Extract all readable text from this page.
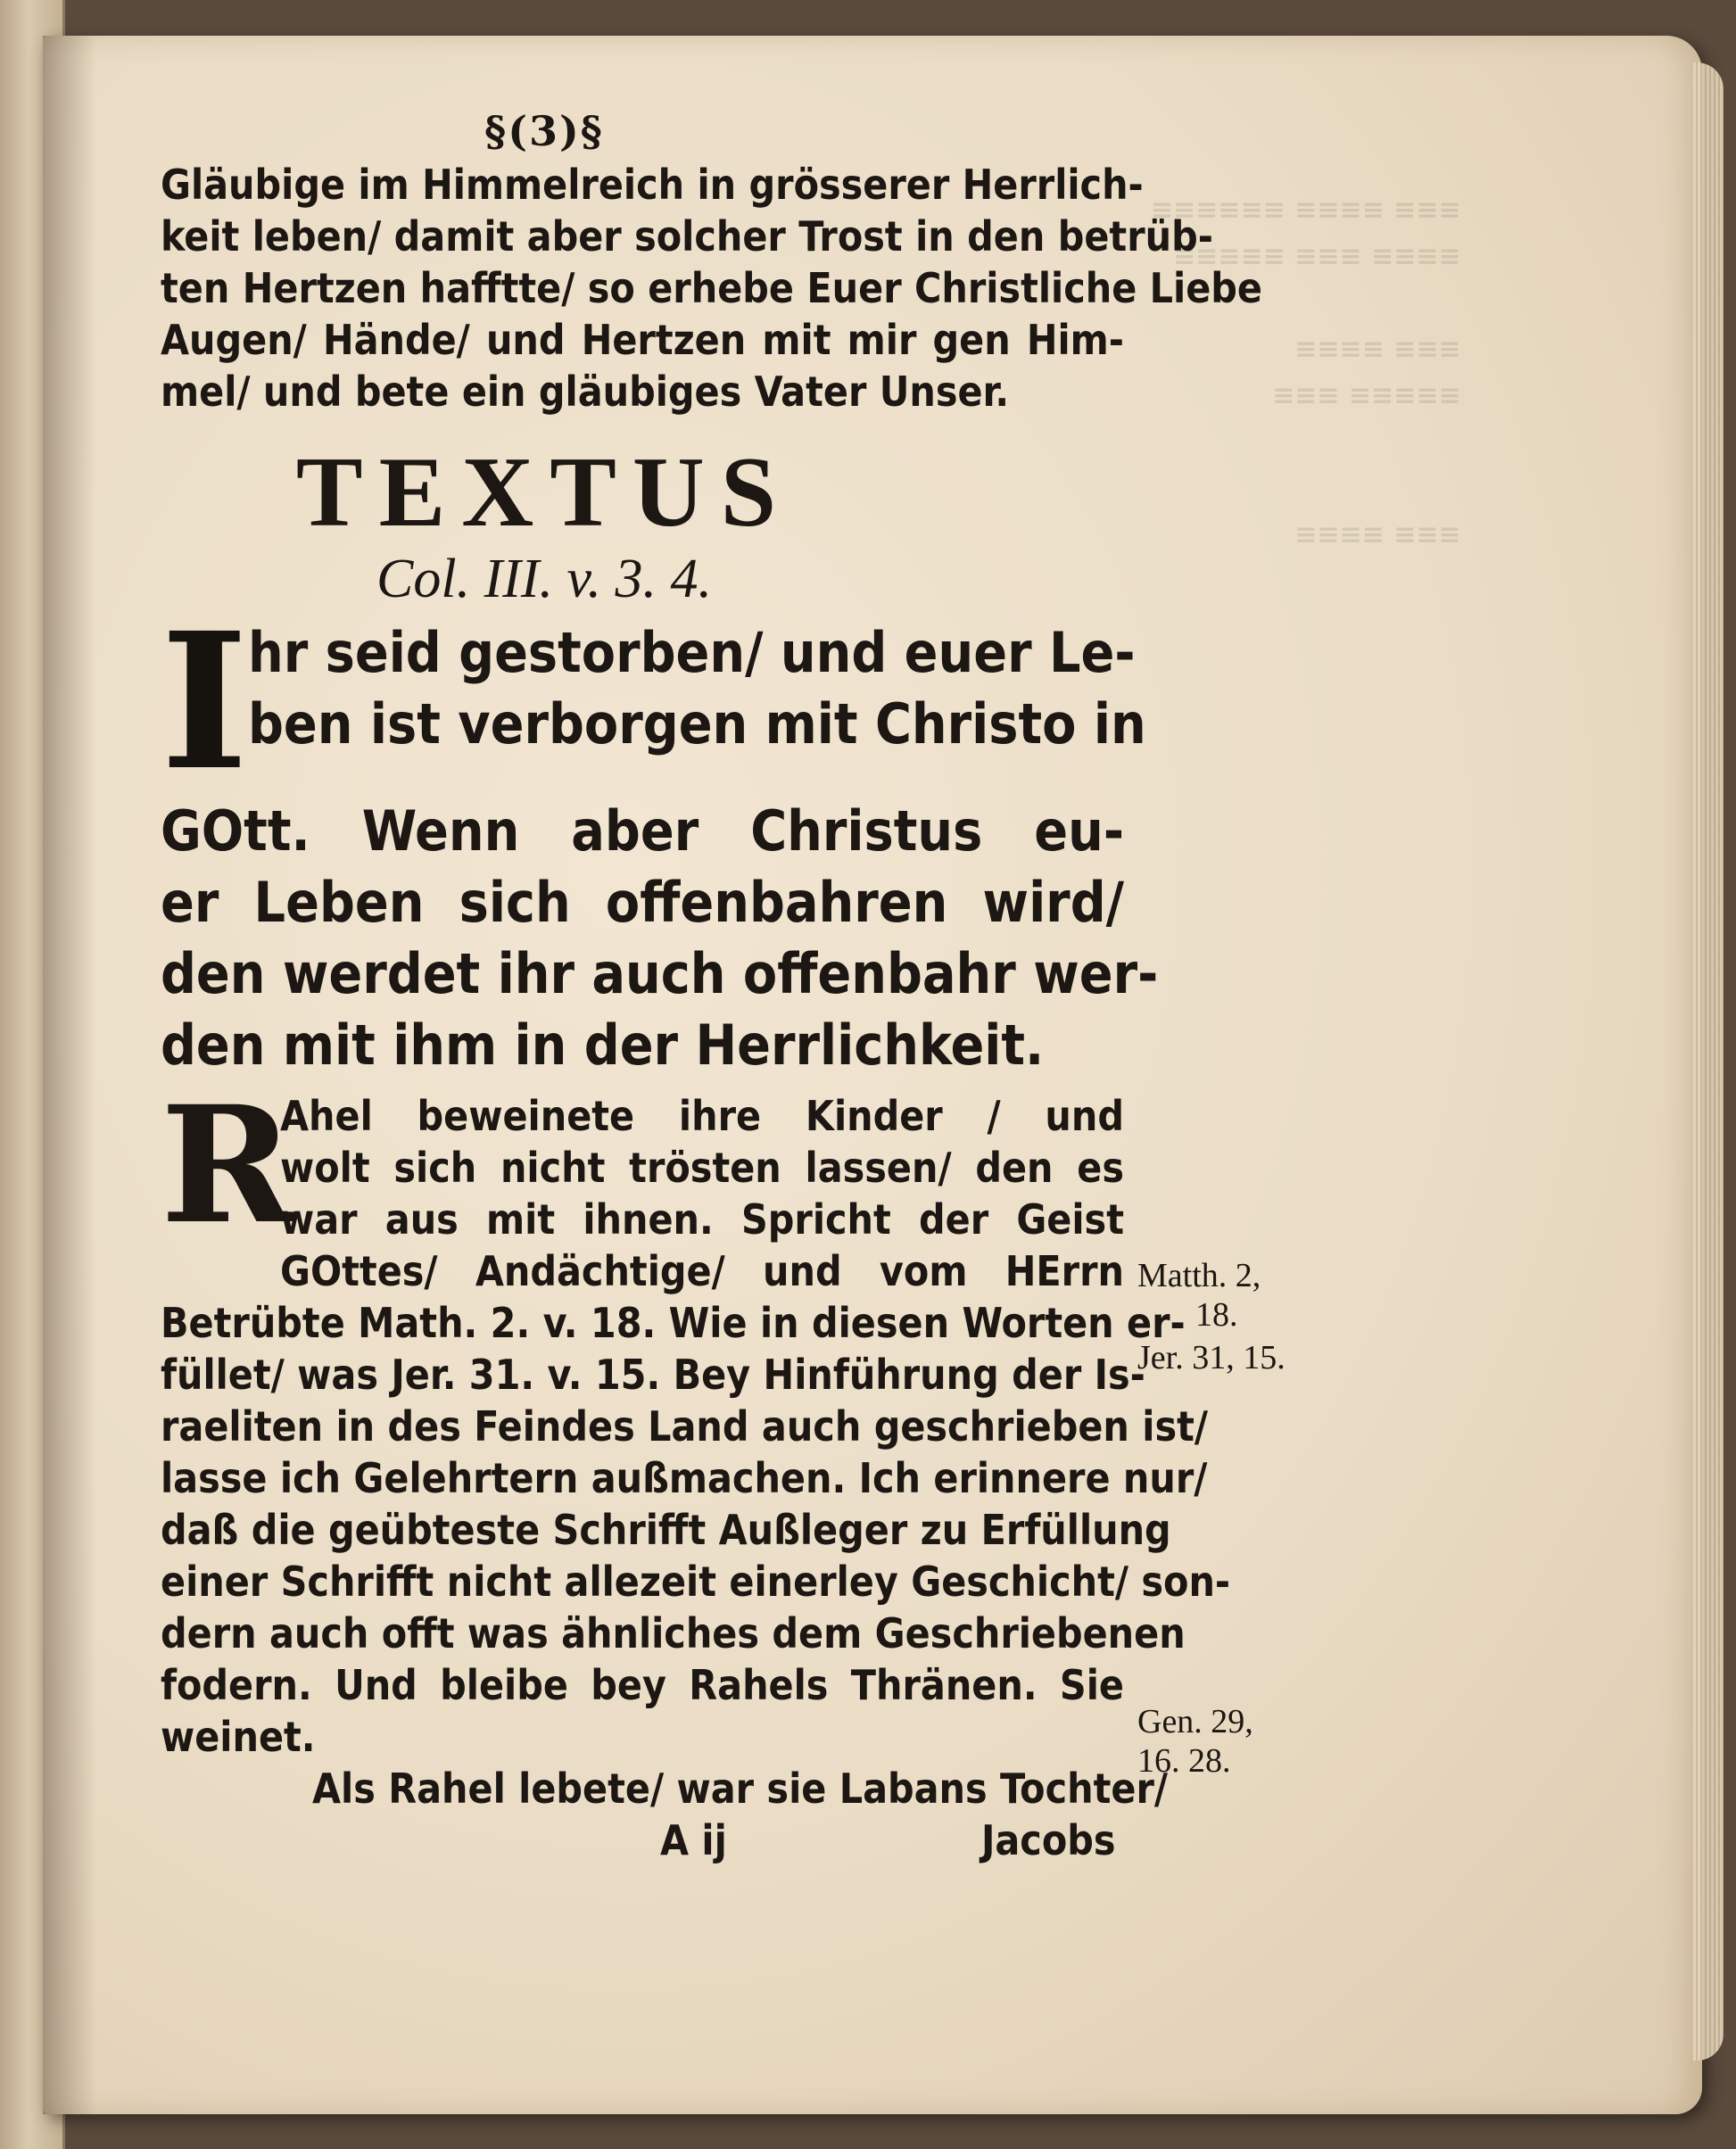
≡≡≡ ≡≡≡≡ ≡≡≡≡≡≡
≡≡≡≡ ≡≡≡ ≡≡≡≡≡

≡≡≡ ≡≡≡≡
≡≡≡≡≡ ≡≡≡

≡≡≡ ≡≡≡≡
§(3)§
Gläubige im Himmelreich in grösserer Herrlich-
keit leben/ damit aber solcher Trost in den betrüb-
ten Hertzen hafftte/ so erhebe Euer Christliche Liebe
Augen/ Hände/ und Hertzen mit mir gen Him-
mel/ und bete ein gläubiges Vater Unser.
TEXTUS
Col. III. v. 3. 4.
I hr seid gestorben/ und euer Le-
ben ist verborgen mit Christo in
GOtt. Wenn aber Christus eu-
er Leben sich offenbahren wird/
den werdet ihr auch offenbahr wer-
den mit ihm in der Herrlichkeit.
R
Ahel beweinete ihre Kinder / und
wolt sich nicht trösten lassen/ den es
war aus mit ihnen. Spricht der Geist
GOttes/ Andächtige/ und vom HErrn
Betrübte Math. 2. v. 18. Wie in diesen Worten er-
füllet/ was Jer. 31. v. 15. Bey Hinführung der Is-
raeliten in des Feindes Land auch geschrieben ist/
lasse ich Gelehrtern außmachen. Ich erinnere nur/
daß die geübteste Schrifft Außleger zu Erfüllung
einer Schrifft nicht allezeit einerley Geschicht/ son-
dern auch offt was ähnliches dem Geschriebenen
fodern. Und bleibe bey Rahels Thränen. Sie
weinet.
Als Rahel lebete/ war sie Labans Tochter/
A ij	Jacobs
Matth. 2,
18.
Jer. 31, 15.
Gen. 29,
16. 28.
